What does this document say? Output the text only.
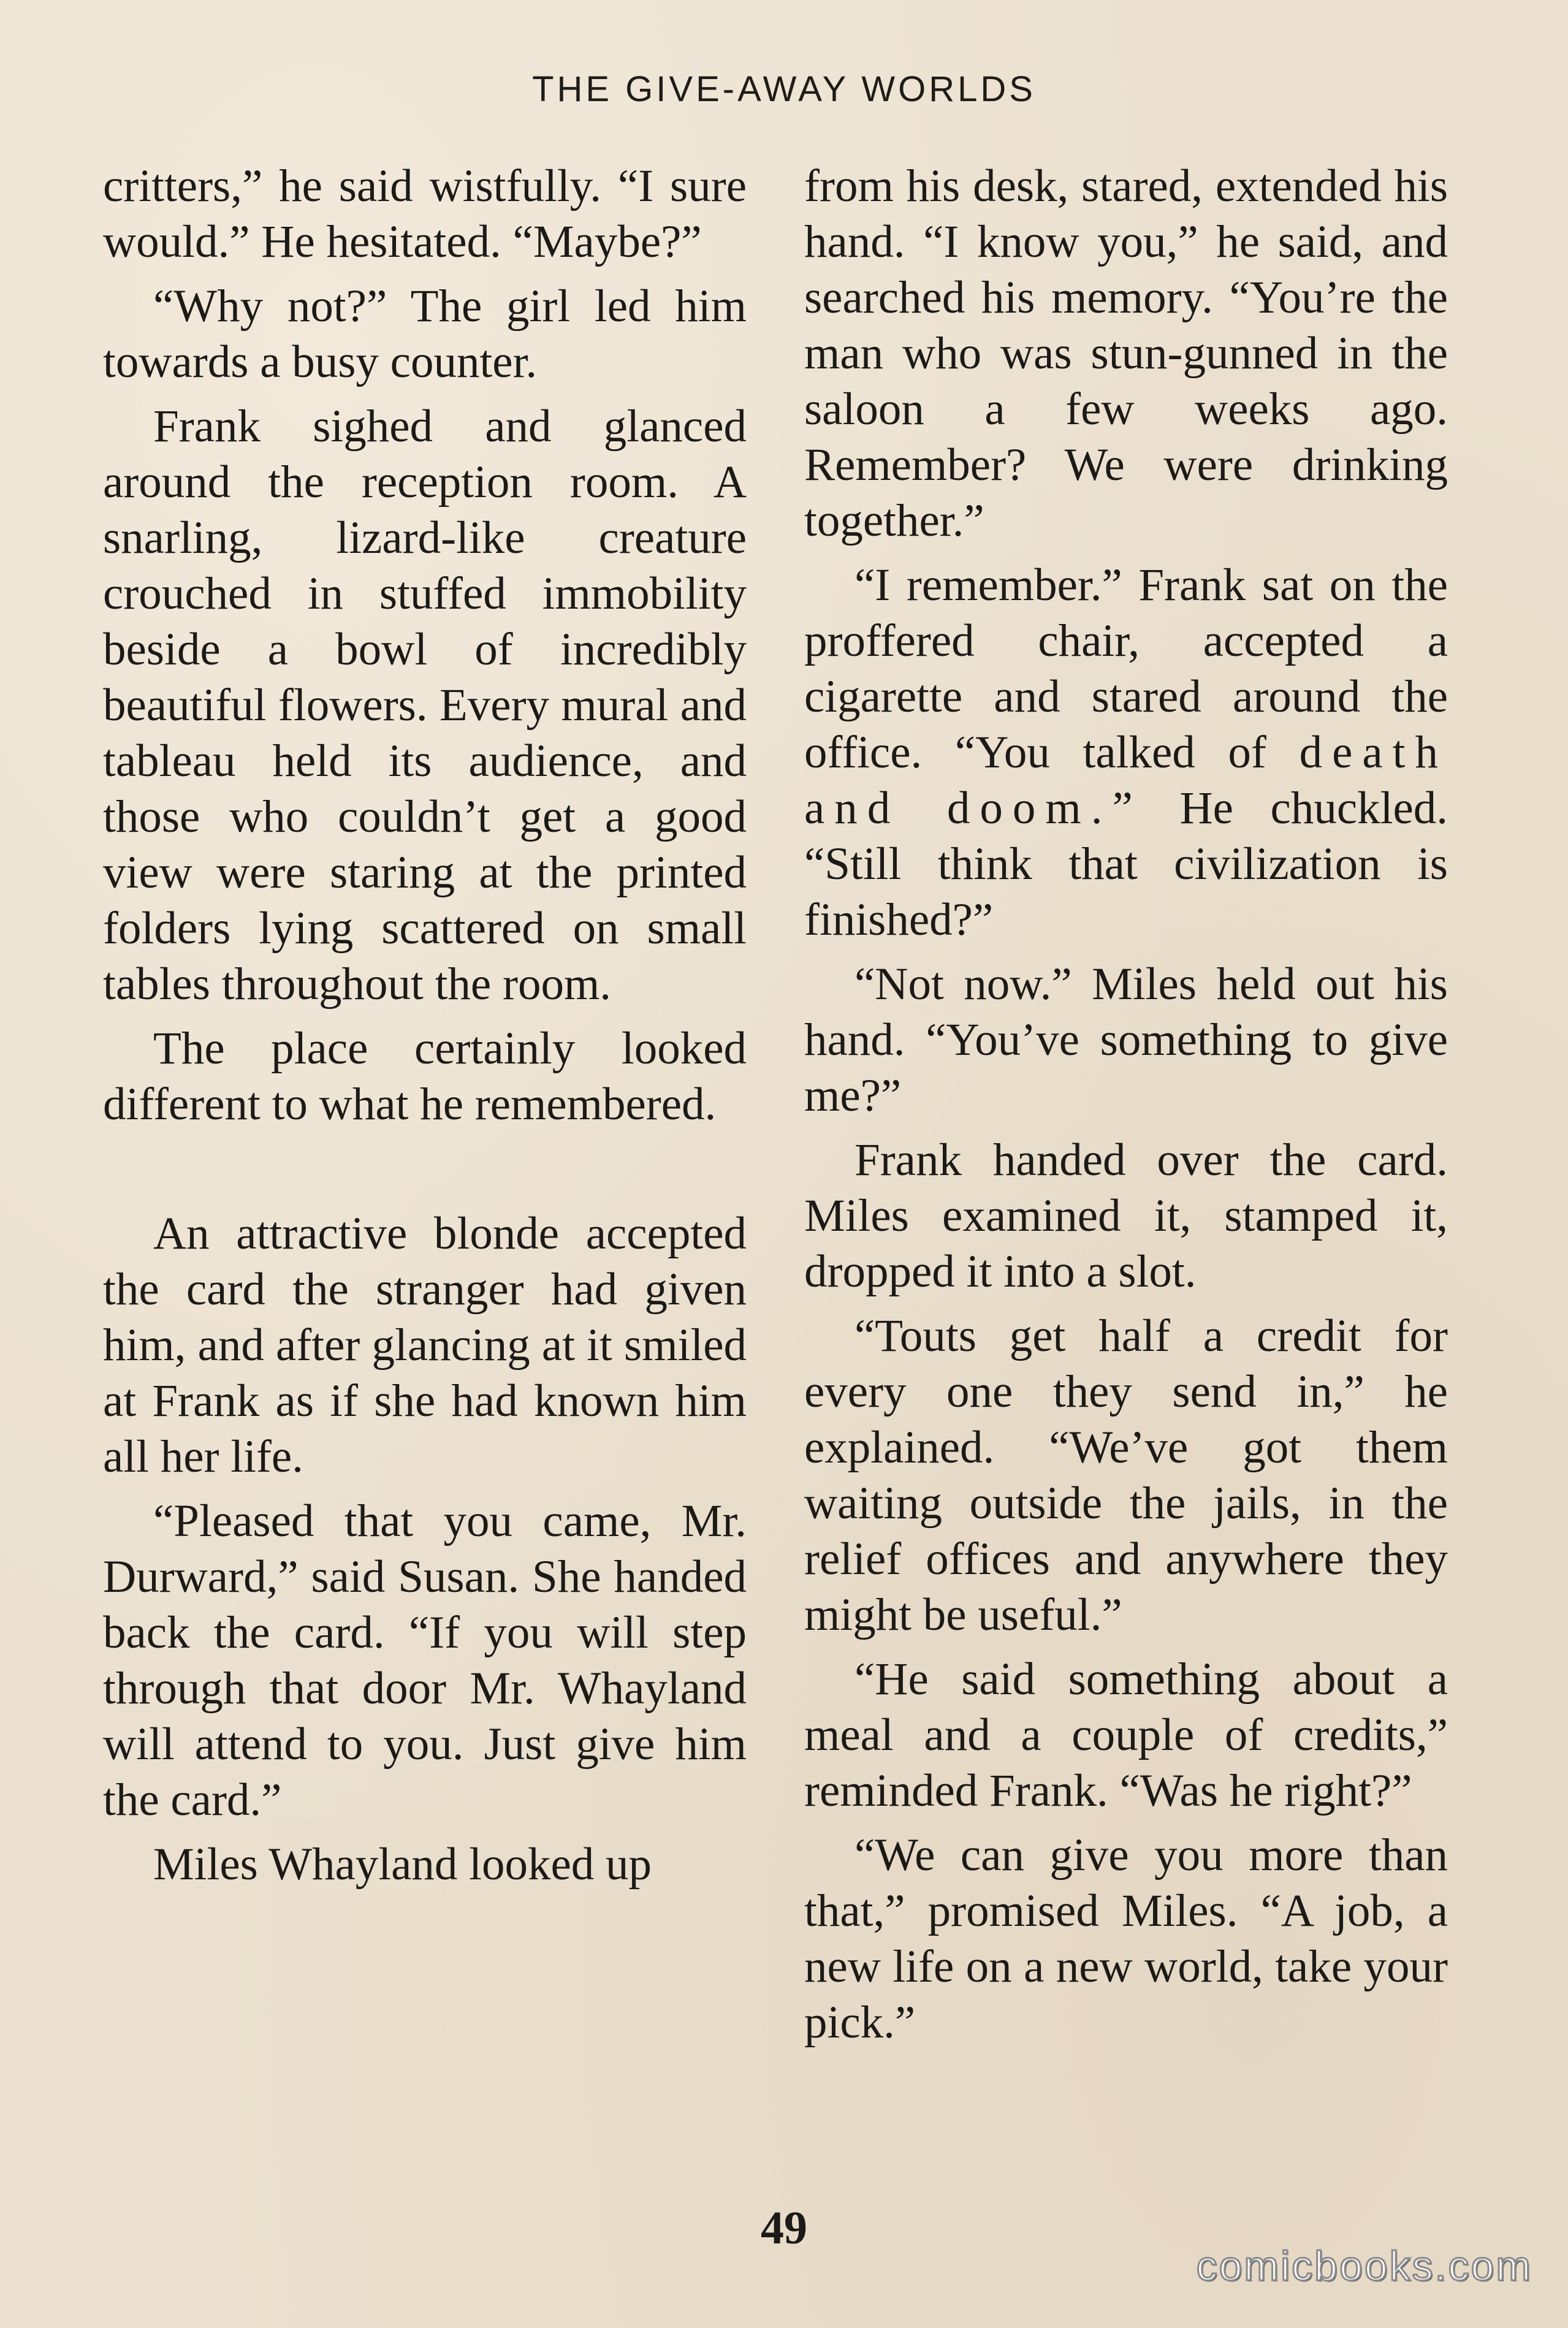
THE GIVE-AWAY WORLDS

critters,” he said wistfully. “I sure would.” He hesitated. “Maybe?”

“Why not?” The girl led him towards a busy counter.

Frank sighed and glanced around the reception room. A snarling, lizard-like creature crouched in stuffed immobility beside a bowl of incredibly beautiful flowers. Every mural and tableau held its audience, and those who couldn’t get a good view were staring at the printed folders lying scattered on small tables throughout the room.

The place certainly looked different to what he remembered.

An attractive blonde accepted the card the stranger had given him, and after glancing at it smiled at Frank as if she had known him all her life.

“Pleased that you came, Mr. Durward,” said Susan. She handed back the card. “If you will step through that door Mr. Whayland will attend to you. Just give him the card.”

Miles Whayland looked up

from his desk, stared, extended his hand. “I know you,” he said, and searched his memory. “You’re the man who was stun-gunned in the saloon a few weeks ago. Remember? We were drinking together.”

“I remember.” Frank sat on the proffered chair, accepted a cigarette and stared around the office. “You talked of death and doom.” He chuckled. “Still think that civilization is finished?”

“Not now.” Miles held out his hand. “You’ve something to give me?”

Frank handed over the card. Miles examined it, stamped it, dropped it into a slot.

“Touts get half a credit for every one they send in,” he explained. “We’ve got them waiting outside the jails, in the relief offices and anywhere they might be useful.”

“He said something about a meal and a couple of credits,” reminded Frank. “Was he right?”

“We can give you more than that,” promised Miles. “A job, a new life on a new world, take your pick.”

49
comicbooks.com
